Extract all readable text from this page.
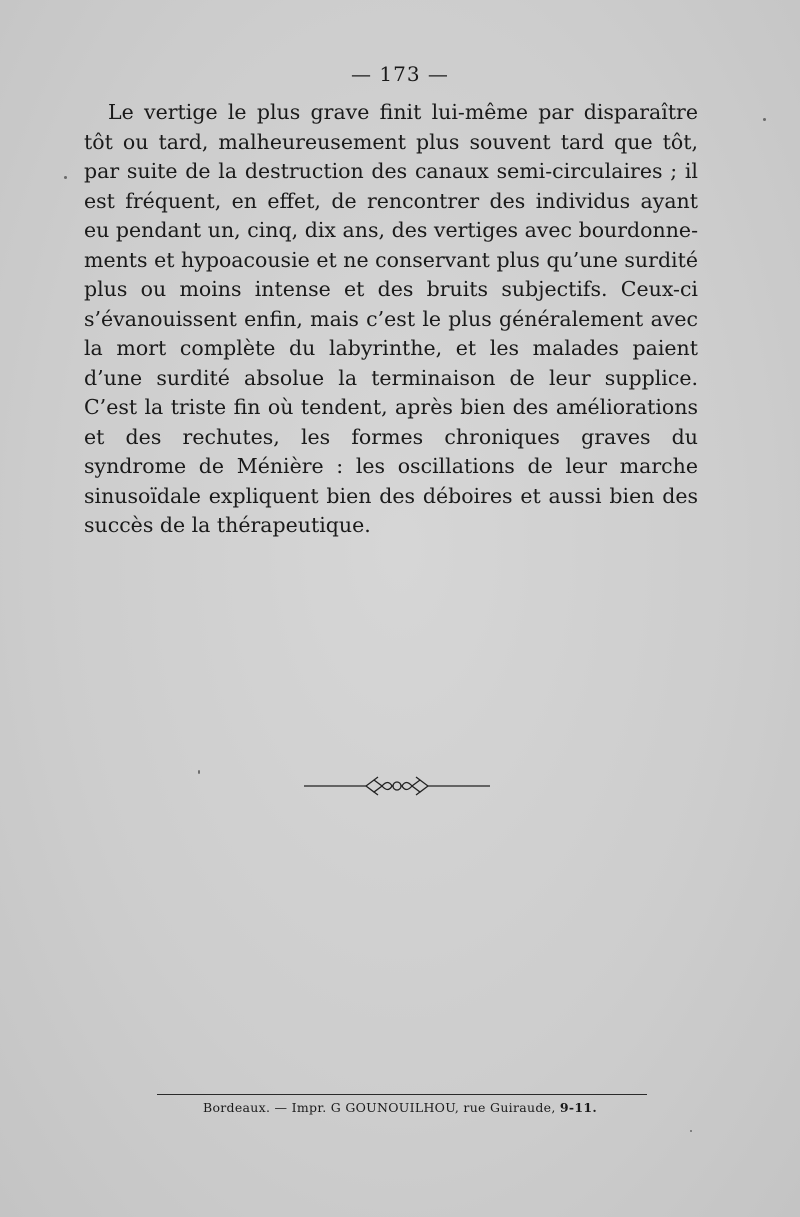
— 173 —

Le vertige le plus grave finit lui-même par disparaître tôt ou tard, malheureusement plus souvent tard que tôt, par suite de la destruction des canaux semi-circulaires ; il est fréquent, en effet, de rencontrer des individus ayant eu pendant un, cinq, dix ans, des vertiges avec bourdonnements et hypoacousie et ne conservant plus qu’une surdité plus ou moins intense et des bruits subjectifs. Ceux-ci s’évanouissent enfin, mais c’est le plus généralement avec la mort complète du labyrinthe, et les malades paient d’une surdité absolue la terminaison de leur supplice. C’est la triste fin où tendent, après bien des améliorations et des rechutes, les formes chroniques graves du syndrome de Ménière : les oscillations de leur marche sinusoïdale expliquent bien des déboires et aussi bien des succès de la thérapeutique.

Bordeaux. — Impr. G GOUNOUILHOU, rue Guiraude, 9-11.
